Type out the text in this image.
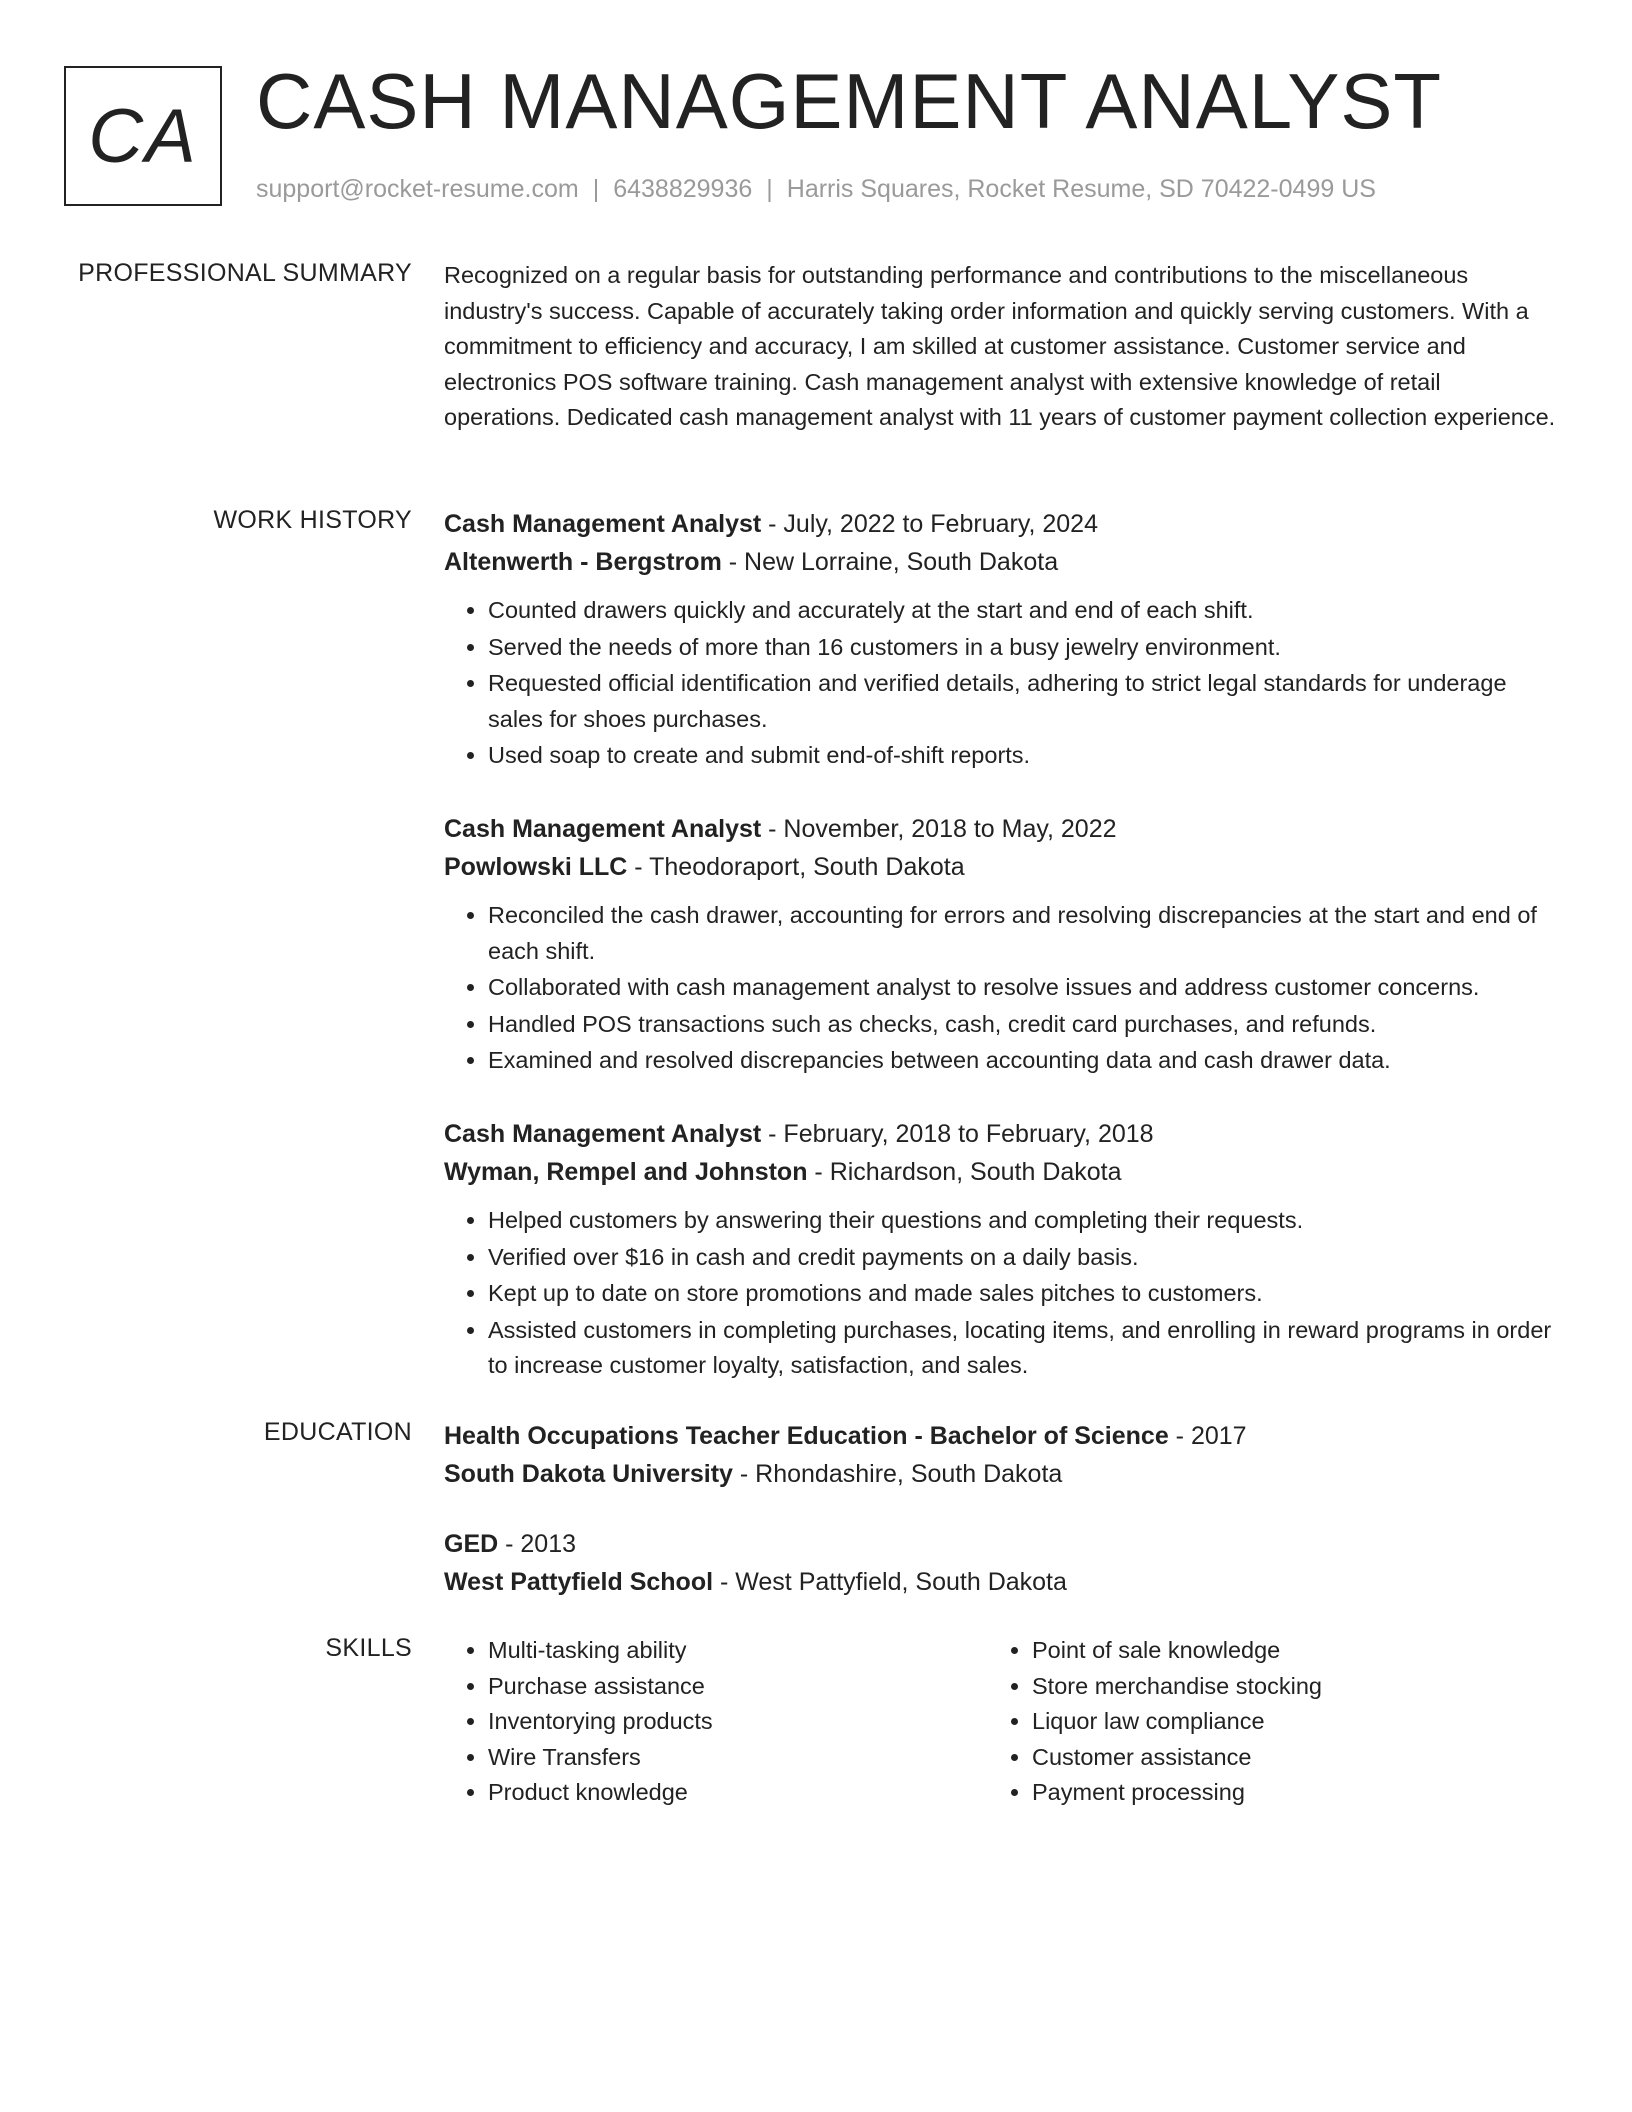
CA CASH MANAGEMENT ANALYST
support@rocket-resume.com | 6438829936 | Harris Squares, Rocket Resume, SD 70422-0499 US
PROFESSIONAL SUMMARY Recognized on a regular basis for outstanding performance and contributions to the miscellaneous industry's success. Capable of accurately taking order information and quickly serving customers. With a commitment to efficiency and accuracy, I am skilled at customer assistance. Customer service and electronics POS software training. Cash management analyst with extensive knowledge of retail operations. Dedicated cash management analyst with 11 years of customer payment collection experience.

WORK HISTORY Cash Management Analyst - July, 2022 to February, 2024
Altenwerth - Bergstrom - New Lorraine, South Dakota
• Counted drawers quickly and accurately at the start and end of each shift.
• Served the needs of more than 16 customers in a busy jewelry environment.
• Requested official identification and verified details, adhering to strict legal standards for underage sales for shoes purchases.
• Used soap to create and submit end-of-shift reports.
Cash Management Analyst - November, 2018 to May, 2022
Powlowski LLC - Theodoraport, South Dakota
• Reconciled the cash drawer, accounting for errors and resolving discrepancies at the start and end of each shift.
• Collaborated with cash management analyst to resolve issues and address customer concerns.
• Handled POS transactions such as checks, cash, credit card purchases, and refunds.
• Examined and resolved discrepancies between accounting data and cash drawer data.
Cash Management Analyst - February, 2018 to February, 2018
Wyman, Rempel and Johnston - Richardson, South Dakota
• Helped customers by answering their questions and completing their requests.
• Verified over $16 in cash and credit payments on a daily basis.
• Kept up to date on store promotions and made sales pitches to customers.
• Assisted customers in completing purchases, locating items, and enrolling in reward programs in order to increase customer loyalty, satisfaction, and sales.
EDUCATION Health Occupations Teacher Education - Bachelor of Science - 2017
South Dakota University - Rhondashire, South Dakota
GED - 2013
West Pattyfield School - West Pattyfield, South Dakota
SKILLS
•	Multi-tasking ability
• Purchase assistance
• Inventorying products
• Wire Transfers
• Product knowledge
• Point of sale knowledge
• Store merchandise stocking
• Liquor law compliance
• Customer assistance
• Payment processing
